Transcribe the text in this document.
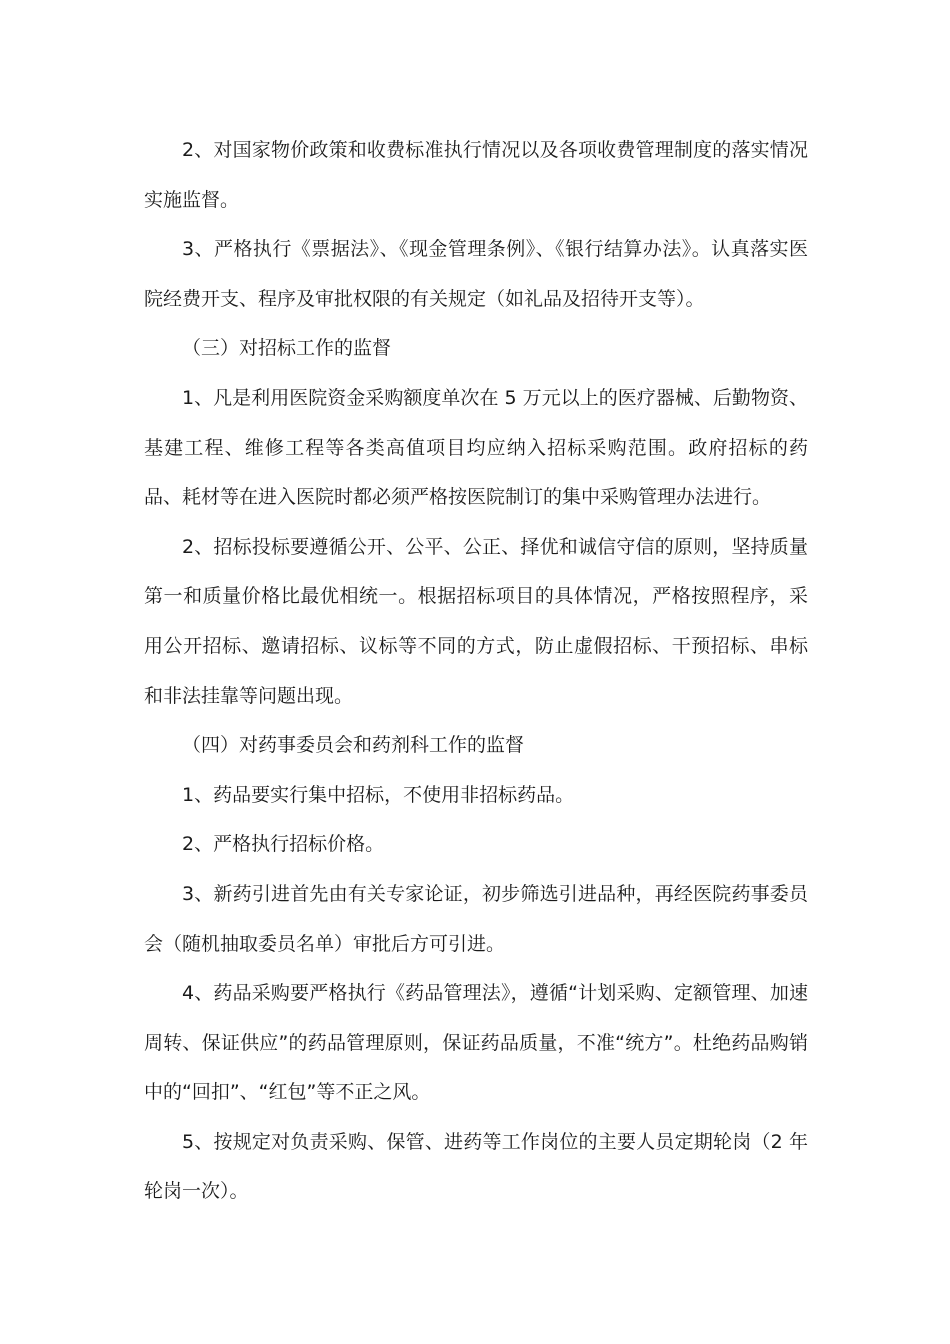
2、对国家物价政策和收费标准执行情况以及各项收费管理制度的落实情况实施监督。

3、严格执行《票据法》、《现金管理条例》、《银行结算办法》。认真落实医院经费开支、程序及审批权限的有关规定（如礼品及招待开支等）。

（三）对招标工作的监督

1、凡是利用医院资金采购额度单次在 5 万元以上的医疗器械、后勤物资、基建工程、维修工程等各类高值项目均应纳入招标采购范围。政府招标的药品、耗材等在进入医院时都必须严格按医院制订的集中采购管理办法进行。

2、招标投标要遵循公开、公平、公正、择优和诚信守信的原则，坚持质量第一和质量价格比最优相统一。根据招标项目的具体情况，严格按照程序，采用公开招标、邀请招标、议标等不同的方式，防止虚假招标、干预招标、串标和非法挂靠等问题出现。

（四）对药事委员会和药剂科工作的监督

1、药品要实行集中招标，不使用非招标药品。

2、严格执行招标价格。

3、新药引进首先由有关专家论证，初步筛选引进品种，再经医院药事委员会（随机抽取委员名单）审批后方可引进。

4、药品采购要严格执行《药品管理法》，遵循“计划采购、定额管理、加速周转、保证供应”的药品管理原则，保证药品质量，不准“统方”。杜绝药品购销中的“回扣”、“红包”等不正之风。

5、按规定对负责采购、保管、进药等工作岗位的主要人员定期轮岗（2 年轮岗一次）。
